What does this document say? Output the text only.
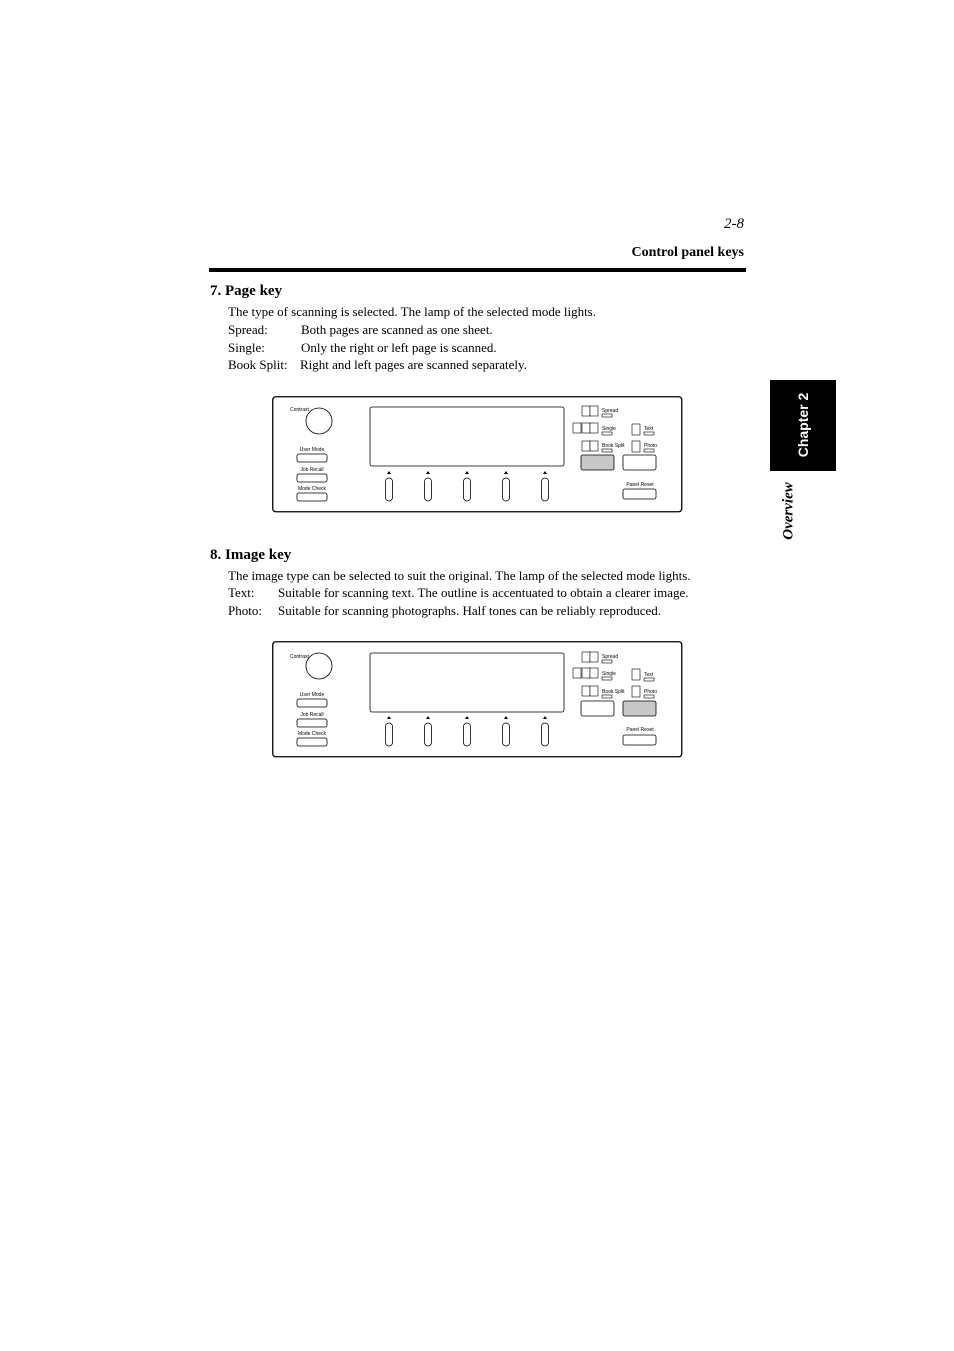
2-8
Control panel keys
Chapter 2
Overview
7. Page key
The type of scanning is selected. The lamp of the selected mode lights.
Spread:	Both pages are scanned as one sheet.
Single:	Only the right or left page is scanned.
Book Split: Right and left pages are scanned separately.
Contrast
User Mode
Job Recall
Mode Check
Spread
Single
Book Split
Text
Photo
Panel Reset
8. Image key
The image type can be selected to suit the original. The lamp of the selected mode lights.
Text: Suitable for scanning text. The outline is accentuated to obtain a clearer image.
Photo: Suitable for scanning photographs. Half tones can be reliably reproduced.
Contrast
User Mode
Job Recall
Mode Check
Spread
Single
Book Split
Text
Photo
Panel Reset
